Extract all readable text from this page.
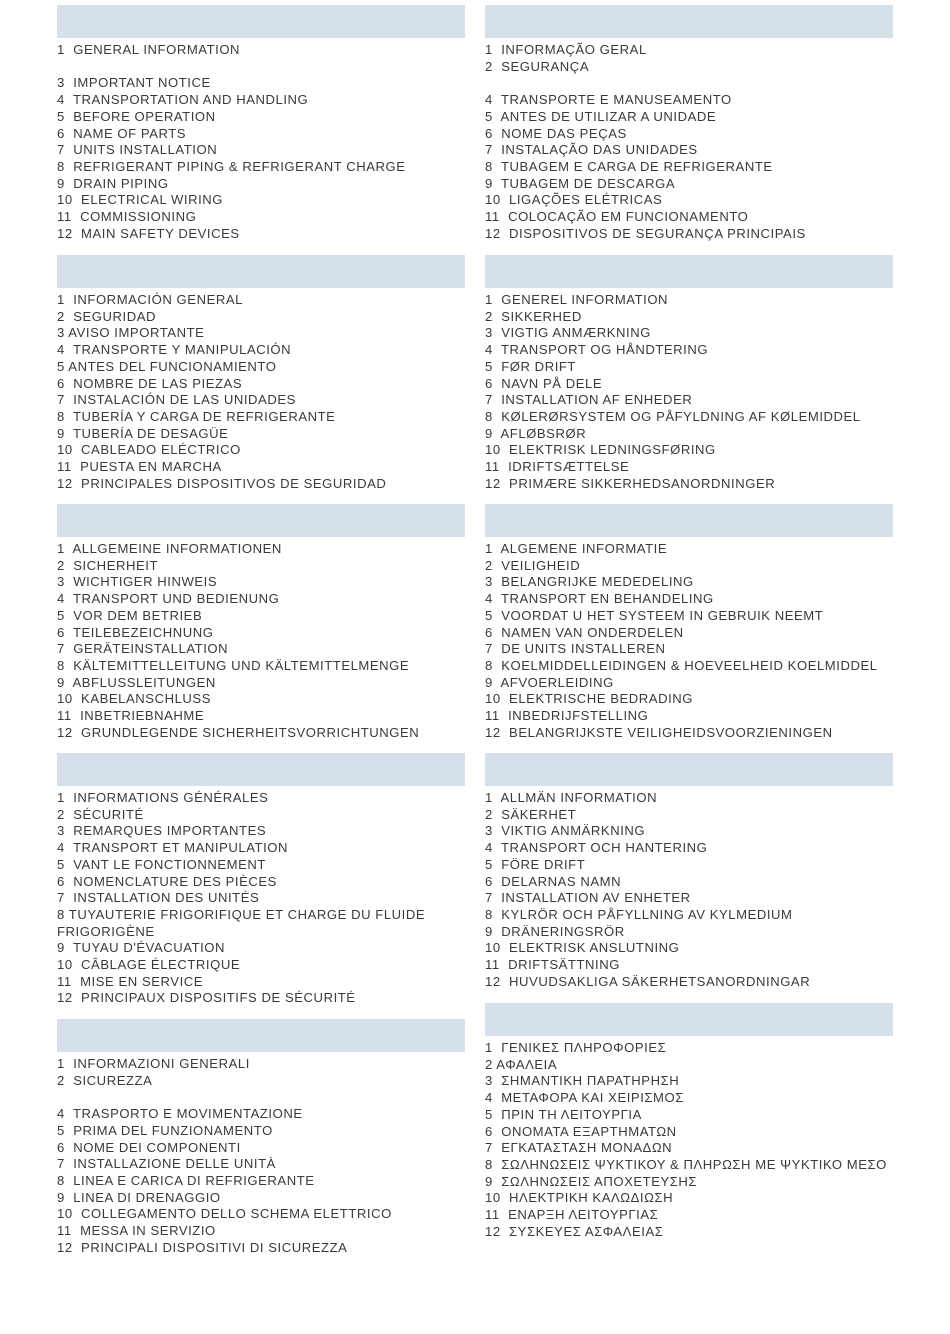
1  GENERAL INFORMATION
3  IMPORTANT NOTICE
4  TRANSPORTATION AND HANDLING
5  BEFORE OPERATION
6  NAME OF PARTS
7  UNITS INSTALLATION
8  REFRIGERANT PIPING & REFRIGERANT CHARGE
9  DRAIN PIPING
10  ELECTRICAL WIRING
11  COMMISSIONING
12  MAIN SAFETY DEVICES
1  INFORMAÇÃO GERAL
2  SEGURANÇA
4  TRANSPORTE E MANUSEAMENTO
5  ANTES DE UTILIZAR A UNIDADE
6  NOME DAS PEÇAS
7  INSTALAÇÃO DAS UNIDADES
8  TUBAGEM E CARGA DE REFRIGERANTE
9  TUBAGEM DE DESCARGA
10  LIGAÇÕES ELÉTRICAS
11  COLOCAÇÃO EM FUNCIONAMENTO
12  DISPOSITIVOS DE SEGURANÇA PRINCIPAIS
1  INFORMACIÓN GENERAL
2  SEGURIDAD
3 AVISO IMPORTANTE
4  TRANSPORTE Y MANIPULACIÓN
5 ANTES DEL FUNCIONAMIENTO
6  NOMBRE DE LAS PIEZAS
7  INSTALACIÓN DE LAS UNIDADES
8  TUBERÍA Y CARGA DE REFRIGERANTE
9  TUBERÍA DE DESAGÜE
10  CABLEADO ELÉCTRICO
11  PUESTA EN MARCHA
12  PRINCIPALES DISPOSITIVOS DE SEGURIDAD
1  GENEREL INFORMATION
2  SIKKERHED
3  VIGTIG ANMÆRKNING
4  TRANSPORT OG HÅNDTERING
5  FØR DRIFT
6  NAVN PÅ DELE
7  INSTALLATION AF ENHEDER
8  KØLERØRSYSTEM OG PÅFYLDNING AF KØLEMIDDEL
9  AFLØBSRØR
10  ELEKTRISK LEDNINGSFØRING
11  IDRIFTSÆTTELSE
12  PRIMÆRE SIKKERHEDSANORDNINGER
1  ALLGEMEINE INFORMATIONEN
2  SICHERHEIT
3  WICHTIGER HINWEIS
4  TRANSPORT UND BEDIENUNG
5  VOR DEM BETRIEB
6  TEILEBEZEICHNUNG
7  GERÄTEINSTALLATION
8  KÄLTEMITTELLEITUNG UND KÄLTEMITTELMENGE
9  ABFLUSSLEITUNGEN
10  KABELANSCHLUSS
11  INBETRIEBNAHME
12  GRUNDLEGENDE SICHERHEITSVORRICHTUNGEN
1  ALGEMENE INFORMATIE
2  VEILIGHEID
3  BELANGRIJKE MEDEDELING
4  TRANSPORT EN BEHANDELING
5  VOORDAT U HET SYSTEEM IN GEBRUIK NEEMT
6  NAMEN VAN ONDERDELEN
7  DE UNITS INSTALLEREN
8  KOELMIDDELLEIDINGEN & HOEVEELHEID KOELMIDDEL
9  AFVOERLEIDING
10  ELEKTRISCHE BEDRADING
11  INBEDRIJFSTELLING
12  BELANGRIJKSTE VEILIGHEIDSVOORZIENINGEN
1  INFORMATIONS GÉNÉRALES
2  SÉCURITÉ
3  REMARQUES IMPORTANTES
4  TRANSPORT ET MANIPULATION
5  VANT LE FONCTIONNEMENT
6  NOMENCLATURE DES PIÈCES
7  INSTALLATION DES UNITÉS
8 TUYAUTERIE FRIGORIFIQUE ET CHARGE DU FLUIDE FRIGORIGÈNE
9  TUYAU D'ÉVACUATION
10  CÂBLAGE ÉLECTRIQUE
11  MISE EN SERVICE
12  PRINCIPAUX DISPOSITIFS DE SÉCURITÉ
1  ALLMÄN INFORMATION
2  SÄKERHET
3  VIKTIG ANMÄRKNING
4  TRANSPORT OCH HANTERING
5  FÖRE DRIFT
6  DELARNAS NAMN
7  INSTALLATION AV ENHETER
8  KYLRÖR OCH PÅFYLLNING AV KYLMEDIUM
9  DRÄNERINGSRÖR
10  ELEKTRISK ANSLUTNING
11  DRIFTSÄTTNING
12  HUVUDSAKLIGA SÄKERHETSANORDNINGAR
1  INFORMAZIONI GENERALI
2  SICUREZZA
4  TRASPORTO E MOVIMENTAZIONE
5  PRIMA DEL FUNZIONAMENTO
6  NOME DEI COMPONENTI
7  INSTALLAZIONE DELLE UNITÀ
8  LINEA E CARICA DI REFRIGERANTE
9  LINEA DI DRENAGGIO
10  COLLEGAMENTO DELLO SCHEMA ELETTRICO
11  MESSA IN SERVIZIO
12  PRINCIPALI DISPOSITIVI DI SICUREZZA
1  ΓΕΝΙΚΕΣ ΠΛΗΡΟΦΟΡΙΕΣ
2 ΑΦΑΛΕΙΑ
3  ΣΗΜΑΝΤΙΚΗ ΠΑΡΑΤΗΡΗΣΗ
4  ΜΕΤΑΦΟΡΑ ΚΑΙ ΧΕΙΡΙΣΜΟΣ
5  ΠΡΙΝ ΤΗ ΛΕΙΤΟΥΡΓΙΑ
6  ΟΝΟΜΑΤΑ ΕΞΑΡΤΗΜΑΤΩΝ
7  ΕΓΚΑΤΑΣΤΑΣΗ ΜΟΝΑΔΩΝ
8  ΣΩΛΗΝΩΣΕΙΣ ΨΥΚΤΙΚΟΥ & ΠΛΗΡΩΣΗ ΜΕ ΨΥΚΤΙΚΟ ΜΕΣΟ
9  ΣΩΛΗΝΩΣΕΙΣ ΑΠΟΧΕΤΕΥΣΗΣ
10  ΗΛΕΚΤΡΙΚΗ ΚΑΛΩΔΙΩΣΗ
11  ΕΝΑΡΞΗ ΛΕΙΤΟΥΡΓΙΑΣ
12  ΣΥΣΚΕΥΕΣ ΑΣΦΑΛΕΙΑΣ
